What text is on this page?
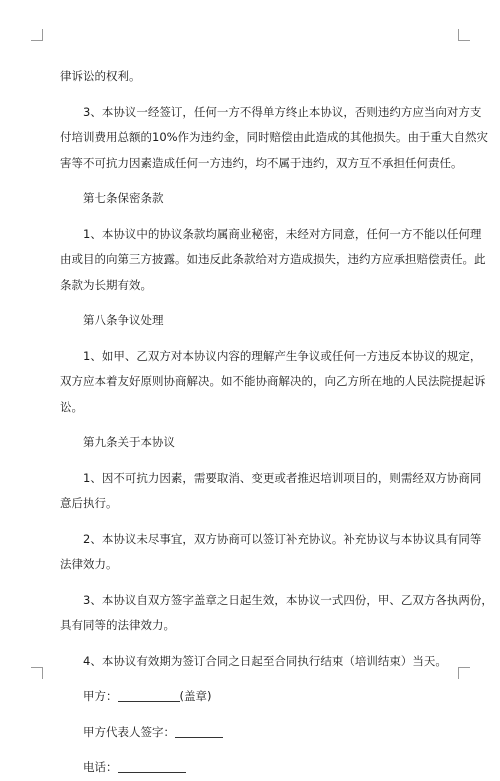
律诉讼的权利。

3、本协议一经签订，任何一方不得单方终止本协议，否则违约方应当向对方支

付培训费用总额的10%作为违约金，同时赔偿由此造成的其他损失。由于重大自然灾

害等不可抗力因素造成任何一方违约，均不属于违约，双方互不承担任何责任。

第七条保密条款

1、本协议中的协议条款均属商业秘密，未经对方同意，任何一方不能以任何理

由或目的向第三方披露。如违反此条款给对方造成损失，违约方应承担赔偿责任。此

条款为长期有效。

第八条争议处理

1、如甲、乙双方对本协议内容的理解产生争议或任何一方违反本协议的规定，

双方应本着友好原则协商解决。如不能协商解决的，向乙方所在地的人民法院提起诉

讼。

第九条关于本协议

1、因不可抗力因素，需要取消、变更或者推迟培训项目的，则需经双方协商同

意后执行。

2、本协议未尽事宜，双方协商可以签订补充协议。补充协议与本协议具有同等

法律效力。

3、本协议自双方签字盖章之日起生效，本协议一式四份，甲、乙双方各执两份，

具有同等的法律效力。

4、本协议有效期为签订合同之日起至合同执行结束（培训结束）当天。

甲方：	(盖章)

甲方代表人签字：

电话：
